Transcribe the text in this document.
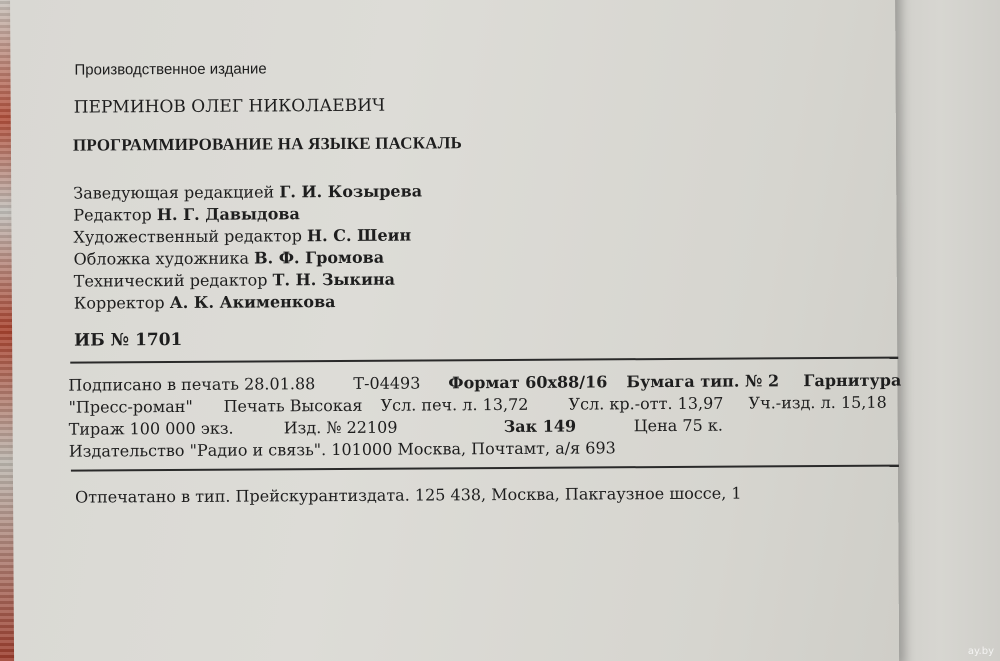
Производственное издание

ПЕРМИНОВ ОЛЕГ НИКОЛАЕВИЧ

ПРОГРАММИРОВАНИЕ НА ЯЗЫКЕ ПАСКАЛЬ

Заведующая редакцией Г. И. Козырева

Редактор Н. Г. Давыдова

Художественный редактор Н. С. Шеин

Обложка художника В. Ф. Громова

Технический редактор Т. Н. Зыкина

Корректор А. К. Акименкова

ИБ № 1701

Подписано в печать 28.01.88 Т-04493 Формат 60х88/16 Бумага тип. № 2 Гарнитура
"Пресс-роман" Печать Высокая Усл. печ. л. 13,72 Усл. кр.-отт. 13,97 Уч.-изд. л. 15,18
Тираж 100 000 экз.	Изд. № 22109	Зак 149	Цена 75 к.
Издательство "Радио и связь". 101000 Москва, Почтамт, а/я 693

Отпечатано в тип. Прейскурантиздата. 125 438, Москва, Пакгаузное шоссе, 1

ay.by
